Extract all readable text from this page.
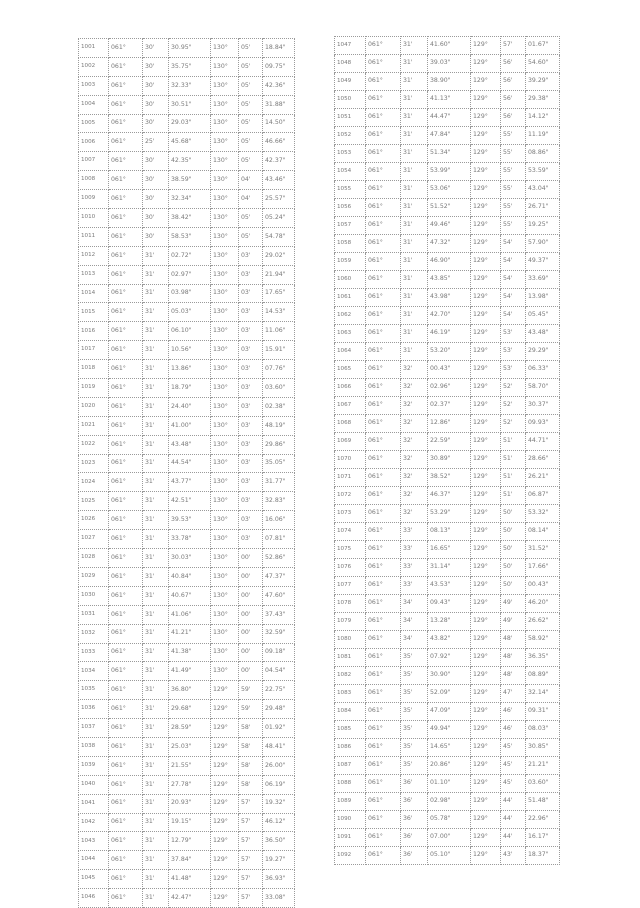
1001	061°	30'	30.95"	130°	05'	18.84"
1002	061°	30'	35.75"	130°	05'	09.75"
1003	061°	30'	32.33"	130°	05'	42.36"
1004	061°	30'	30.51"	130°	05'	31.88"
1005	061°	30'	29.03"	130°	05'	14.50"
1006	061°	25'	45.68"	130°	05'	46.66"
1007	061°	30'	42.35"	130°	05'	42.37"
1008	061°	30'	38.59"	130°	04'	43.46"
1009	061°	30'	32.34"	130°	04'	25.57"
1010	061°	30'	38.42"	130°	05'	05.24"
1011	061°	30'	58.53"	130°	05'	54.78"
1012	061°	31'	02.72"	130°	03'	29.02"
1013	061°	31'	02.97"	130°	03'	21.94"
1014	061°	31'	03.98"	130°	03'	17.65"
1015	061°	31'	05.03"	130°	03'	14.53"
1016	061°	31'	06.10"	130°	03'	11.06"
1017	061°	31'	10.56"	130°	03'	15.91"
1018	061°	31'	13.86"	130°	03'	07.76"
1019	061°	31'	18.79"	130°	03'	03.60"
1020	061°	31'	24.40"	130°	03'	02.38"
1021	061°	31'	41.00"	130°	03'	48.19"
1022	061°	31'	43.48"	130°	03'	29.86"
1023	061°	31'	44.54"	130°	03'	35.05"
1024	061°	31'	43.77"	130°	03'	31.77"
1025	061°	31'	42.51"	130°	03'	32.83"
1026	061°	31'	39.53"	130°	03'	16.06"
1027	061°	31'	33.78"	130°	03'	07.81"
1028	061°	31'	30.03"	130°	00'	52.86"
1029	061°	31'	40.84"	130°	00'	47.37"
1030	061°	31'	40.67"	130°	00'	47.60"
1031	061°	31'	41.06"	130°	00'	37.43"
1032	061°	31'	41.21"	130°	00'	32.59"
1033	061°	31'	41.38"	130°	00'	09.18"
1034	061°	31'	41.49"	130°	00'	04.54"
1035	061°	31'	36.80"	129°	59'	22.75"
1036	061°	31'	29.68"	129°	59'	29.48"
1037	061°	31'	28.59"	129°	58'	01.92"
1038	061°	31'	25.03"	129°	58'	48.41"
1039	061°	31'	21.55"	129°	58'	26.00"
1040	061°	31'	27.78"	129°	58'	06.19"
1041	061°	31'	20.93"	129°	57'	19.32"
1042	061°	31'	19.15"	129°	57'	46.12"
1043	061°	31'	12.79"	129°	57'	36.50"
1044	061°	31'	37.84"	129°	57'	19.27"
1045	061°	31'	41.48"	129°	57'	36.93"
1046	061°	31'	42.47"	129°	57'	33.08"
1047	061°	31'	41.60"	129°	57'	01.67"
1048	061°	31'	39.03"	129°	56'	54.60"
1049	061°	31'	38.90"	129°	56'	39.29"
1050	061°	31'	41.13"	129°	56'	29.38"
1051	061°	31'	44.47"	129°	56'	14.12"
1052	061°	31'	47.84"	129°	55'	11.19"
1053	061°	31'	51.34"	129°	55'	08.86"
1054	061°	31'	53.99"	129°	55'	53.59"
1055	061°	31'	53.06"	129°	55'	43.04"
1056	061°	31'	51.52"	129°	55'	26.71"
1057	061°	31'	49.46"	129°	55'	19.25"
1058	061°	31'	47.32"	129°	54'	57.90"
1059	061°	31'	46.90"	129°	54'	49.37"
1060	061°	31'	43.85"	129°	54'	33.69"
1061	061°	31'	43.98"	129°	54'	13.98"
1062	061°	31'	42.70"	129°	54'	05.45"
1063	061°	31'	46.19"	129°	53'	43.48"
1064	061°	31'	53.20"	129°	53'	29.29"
1065	061°	32'	00.43"	129°	53'	06.33"
1066	061°	32'	02.96"	129°	52'	58.70"
1067	061°	32'	02.37"	129°	52'	30.37"
1068	061°	32'	12.86"	129°	52'	09.93"
1069	061°	32'	22.59"	129°	51'	44.71"
1070	061°	32'	30.89"	129°	51'	28.66"
1071	061°	32'	38.52"	129°	51'	26.21"
1072	061°	32'	46.37"	129°	51'	06.87"
1073	061°	32'	53.29"	129°	50'	53.32"
1074	061°	33'	08.13"	129°	50'	08.14"
1075	061°	33'	16.65"	129°	50'	31.52"
1076	061°	33'	31.14"	129°	50'	17.66"
1077	061°	33'	43.53"	129°	50'	00.43"
1078	061°	34'	09.43"	129°	49'	46.20"
1079	061°	34'	13.28"	129°	49'	26.62"
1080	061°	34'	43.82"	129°	48'	58.92"
1081	061°	35'	07.92"	129°	48'	36.35"
1082	061°	35'	30.90"	129°	48'	08.89"
1083	061°	35'	52.09"	129°	47'	32.14"
1084	061°	35'	47.09"	129°	46'	09.31"
1085	061°	35'	49.94"	129°	46'	08.03"
1086	061°	35'	14.65"	129°	45'	30.85"
1087	061°	35'	20.86"	129°	45'	21.21"
1088	061°	36'	01.10"	129°	45'	03.60"
1089	061°	36'	02.98"	129°	44'	51.48"
1090	061°	36'	05.78"	129°	44'	22.96"
1091	061°	36'	07.00"	129°	44'	16.17"
1092	061°	36'	05.10"	129°	43'	18.37"
